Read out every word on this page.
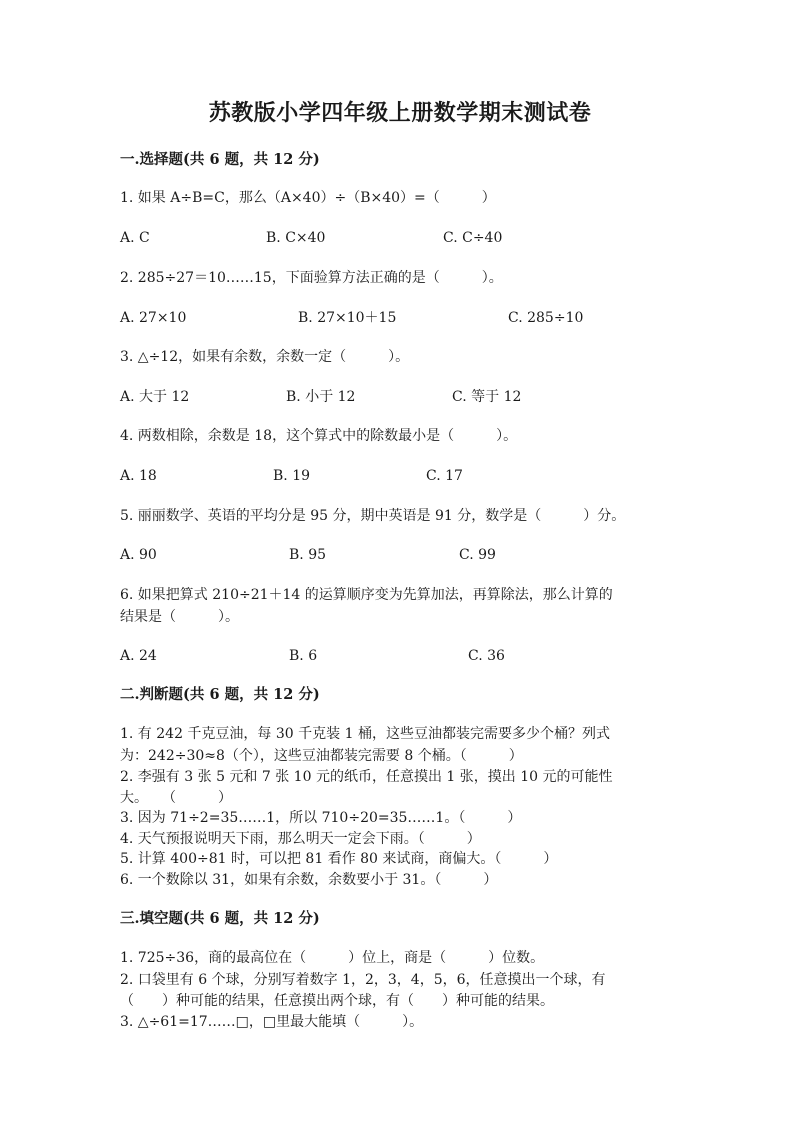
苏教版小学四年级上册数学期末测试卷
一.选择题(共 6 题，共 12 分)
1. 如果 A÷B=C，那么（A×40）÷（B×40）=（　　　）
A. C	B. C×40	C. C÷40
2. 285÷27＝10……15，下面验算方法正确的是（　　　）。
A. 27×10	B. 27×10＋15	C. 285÷10
3. △÷12，如果有余数，余数一定（　　　）。
A. 大于 12	B. 小于 12	C. 等于 12
4. 两数相除，余数是 18，这个算式中的除数最小是（　　　）。
A. 18	B. 19	C. 17
5. 丽丽数学、英语的平均分是 95 分，期中英语是 91 分，数学是（　　　）分。
A. 90	B. 95	C. 99
6. 如果把算式 210÷21＋14 的运算顺序变为先算加法，再算除法，那么计算的
结果是（　　　）。
A. 24	B. 6	C. 36
二.判断题(共 6 题，共 12 分)
1. 有 242 千克豆油，每 30 千克装 1 桶，这些豆油都装完需要多少个桶？列式
为：242÷30≈8（个），这些豆油都装完需要 8 个桶。（　　　）
2. 李强有 3 张 5 元和 7 张 10 元的纸币，任意摸出 1 张，摸出 10 元的可能性
大。　　（　　　）
3. 因为 71÷2=35……1，所以 710÷20=35……1。（　　　）
4. 天气预报说明天下雨，那么明天一定会下雨。（　　　）
5. 计算 400÷81 时，可以把 81 看作 80 来试商，商偏大。（　　　）
6. 一个数除以 31，如果有余数，余数要小于 31。（　　　）
三.填空题(共 6 题，共 12 分)
1. 725÷36，商的最高位在（　　　）位上，商是（　　　）位数。
2. 口袋里有 6 个球，分别写着数字 1，2，3，4，5，6，任意摸出一个球，有
（　　）种可能的结果，任意摸出两个球，有（　　）种可能的结果。
3. △÷61=17……□，□里最大能填（　　　）。
